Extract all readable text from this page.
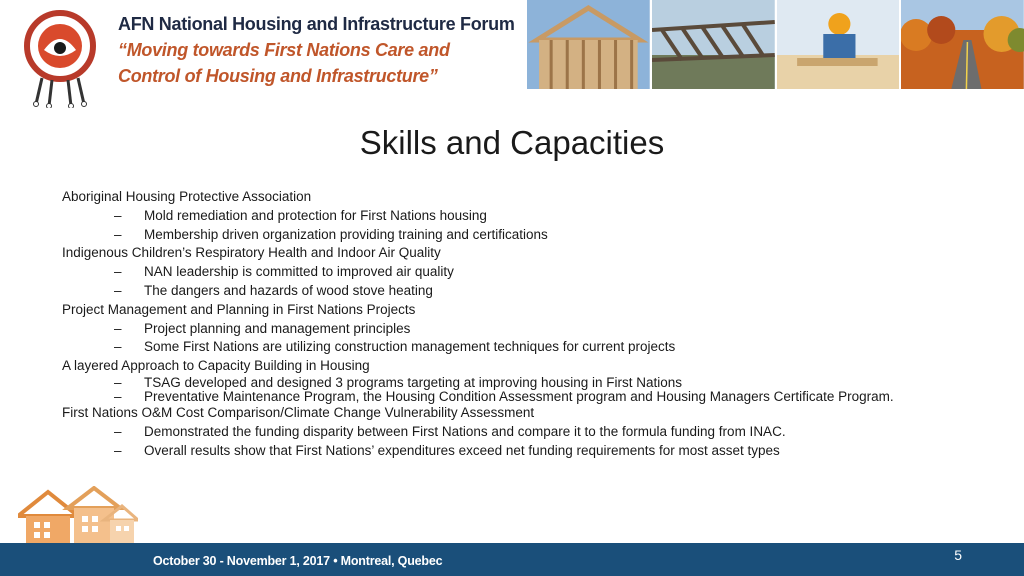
AFN National Housing and Infrastructure Forum
“Moving towards First Nations Care and
Control of Housing and Infrastructure”
Skills and Capacities

Aboriginal Housing Protective Association

– Mold remediation and protection for First Nations housing

– Membership driven organization providing training and certifications

Indigenous Children’s Respiratory Health and Indoor Air Quality

– NAN leadership is committed to improved air quality

– The dangers and hazards of wood stove heating

Project Management and Planning in First Nations Projects

– Project planning and management principles

– Some First Nations are utilizing construction management techniques for current projects

A layered Approach to Capacity Building in Housing

– TSAG developed and designed 3 programs targeting at improving housing in First Nations

– Preventative Maintenance Program, the Housing Condition Assessment program and Housing Managers Certificate Program.

First Nations O&M Cost Comparison/Climate Change Vulnerability Assessment

– Demonstrated the funding disparity between First Nations and compare it to the formula funding from INAC.

– Overall results show that First Nations’ expenditures exceed net funding requirements for most asset types

October 30 - November 1, 2017 • Montreal, Quebec	5
